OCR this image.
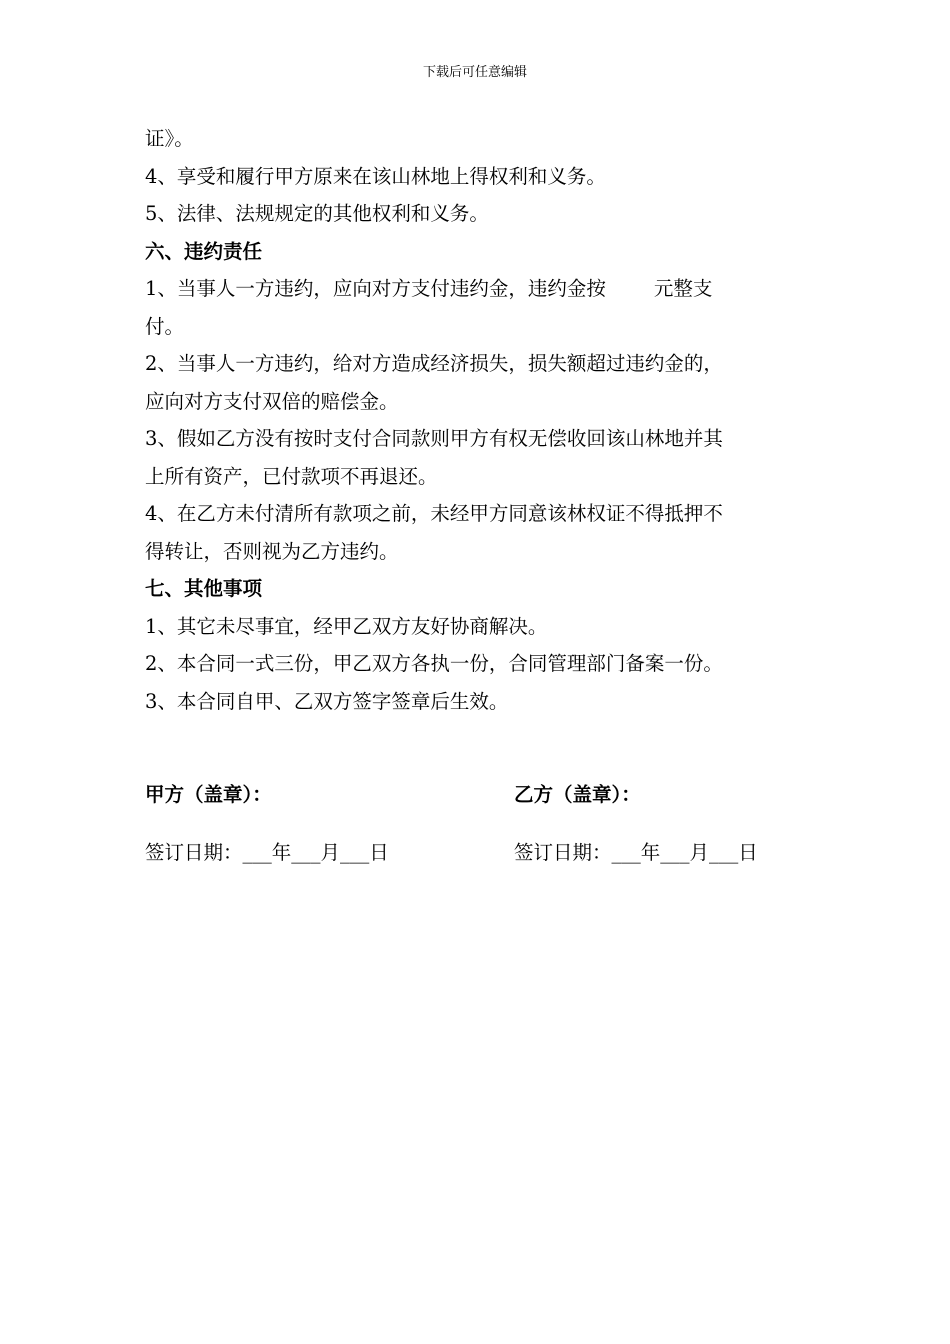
下载后可任意编辑
证》。
4、享受和履行甲方原来在该山林地上得权利和义务。
5、法律、法规规定的其他权利和义务。
六、违约责任
1、当事人一方违约，应向对方支付违约金，违约金按 元整支
付。
2、当事人一方违约，给对方造成经济损失，损失额超过违约金的，
应向对方支付双倍的赔偿金。
3、假如乙方没有按时支付合同款则甲方有权无偿收回该山林地并其
上所有资产，已付款项不再退还。
4、在乙方未付清所有款项之前，未经甲方同意该林权证不得抵押不
得转让，否则视为乙方违约。
七、其他事项
1、其它未尽事宜，经甲乙双方友好协商解决。
2、本合同一式三份，甲乙双方各执一份，合同管理部门备案一份。
3、本合同自甲、乙双方签字签章后生效。
甲方（盖章）：	乙方（盖章）：
签订日期：___年___月___日	签订日期：___年___月___日
